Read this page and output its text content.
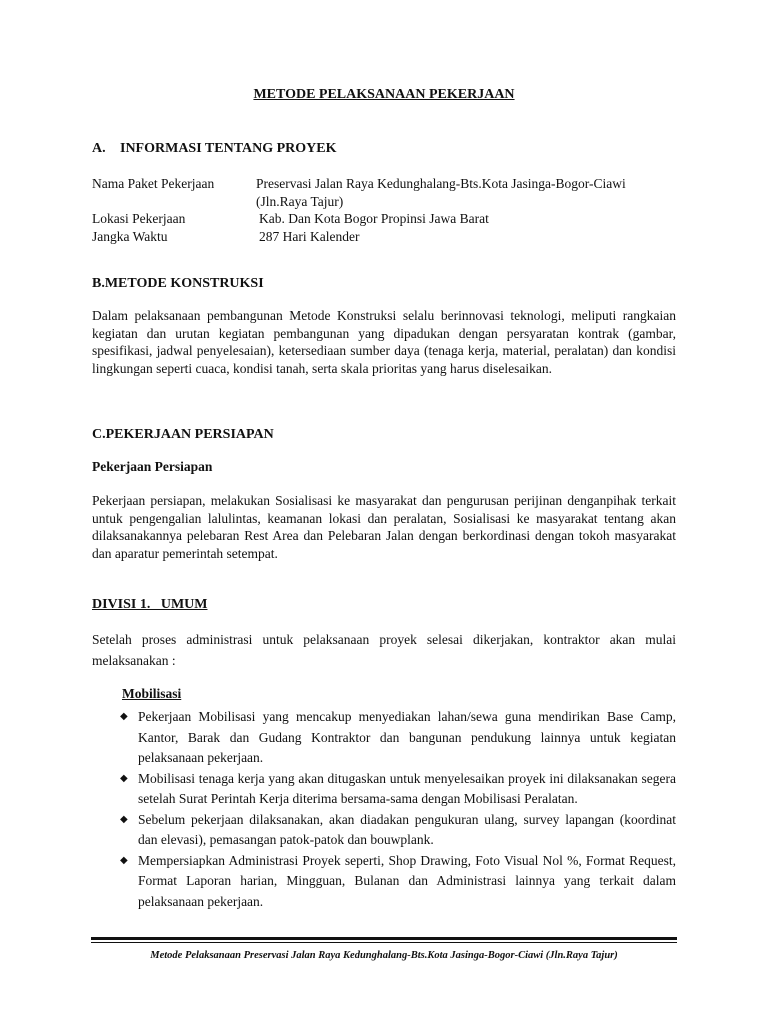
METODE PELAKSANAAN PEKERJAAN
A. INFORMASI TENTANG PROYEK
Nama Paket Pekerjaan	Preservasi Jalan Raya Kedunghalang-Bts.Kota Jasinga-Bogor-Ciawi (Jln.Raya Tajur)
Lokasi Pekerjaan	Kab. Dan Kota Bogor Propinsi Jawa Barat
Jangka Waktu	287 Hari Kalender
B.METODE KONSTRUKSI
Dalam pelaksanaan pembangunan Metode Konstruksi selalu berinnovasi teknologi, meliputi rangkaian kegiatan dan urutan kegiatan pembangunan yang dipadukan dengan persyaratan kontrak (gambar, spesifikasi, jadwal penyelesaian), ketersediaan sumber daya (tenaga kerja, material, peralatan) dan kondisi lingkungan seperti cuaca, kondisi tanah, serta skala prioritas yang harus diselesaikan.
C.PEKERJAAN PERSIAPAN
Pekerjaan Persiapan
Pekerjaan persiapan, melakukan Sosialisasi ke masyarakat dan pengurusan perijinan denganpihak terkait untuk pengengalian lalulintas, keamanan lokasi dan peralatan, Sosialisasi ke masyarakat tentang akan dilaksanakannya pelebaran Rest Area dan Pelebaran Jalan dengan berkordinasi dengan tokoh masyarakat dan aparatur pemerintah setempat.
DIVISI 1.   UMUM
Setelah proses administrasi untuk pelaksanaan proyek selesai dikerjakan, kontraktor akan mulai melaksanakan :
Mobilisasi
◆ Pekerjaan Mobilisasi yang mencakup menyediakan lahan/sewa guna mendirikan Base Camp, Kantor, Barak dan Gudang Kontraktor dan bangunan pendukung lainnya untuk kegiatan pelaksanaan pekerjaan.
◆ Mobilisasi tenaga kerja yang akan ditugaskan untuk menyelesaikan proyek ini dilaksanakan segera setelah Surat Perintah Kerja diterima bersama-sama dengan Mobilisasi Peralatan.
◆ Sebelum pekerjaan dilaksanakan, akan diadakan pengukuran ulang, survey lapangan (koordinat dan elevasi), pemasangan patok-patok dan bouwplank.
◆ Mempersiapkan Administrasi Proyek seperti, Shop Drawing, Foto Visual Nol %, Format Request, Format Laporan harian, Mingguan, Bulanan dan Administrasi lainnya yang terkait dalam pelaksanaan pekerjaan.
Metode Pelaksanaan Preservasi Jalan Raya Kedunghalang-Bts.Kota Jasinga-Bogor-Ciawi (Jln.Raya Tajur)
